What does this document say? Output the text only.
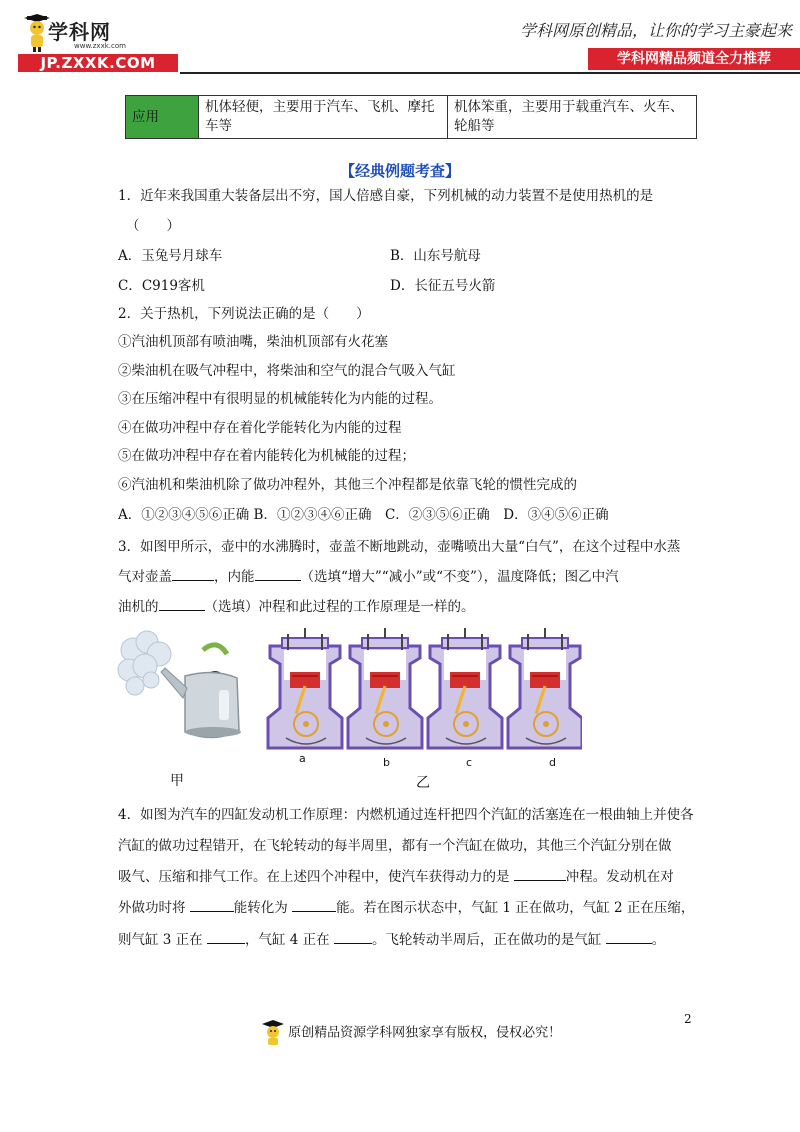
学科网
www.zxxk.com
JP.ZXXK.COM
学科网原创精品，让你的学习主豪起来
学科网精品频道全力推荐
应用	机体轻便，主要用于汽车、飞机、摩托车等	机体笨重，主要用于载重汽车、火车、轮船等
【经典例题考查】
1．近年来我国重大装备层出不穷，国人倍感自豪，下列机械的动力装置不是使用热机的是
（　　）
A．玉兔号月球车	B．山东号航母
C．C919客机	D．长征五号火箭
2．关于热机，下列说法正确的是（　　）
①汽油机顶部有喷油嘴，柴油机顶部有火花塞
②柴油机在吸气冲程中，将柴油和空气的混合气吸入气缸
③在压缩冲程中有很明显的机械能转化为内能的过程。
④在做功冲程中存在着化学能转化为内能的过程
⑤在做功冲程中存在着内能转化为机械能的过程；
⑥汽油机和柴油机除了做功冲程外，其他三个冲程都是依靠飞轮的惯性完成的
A．①②③④⑤⑥正确 B．①②③④⑥正确　C．②③⑤⑥正确　D．③④⑤⑥正确
3．如图甲所示，壶中的水沸腾时，壶盖不断地跳动，壶嘴喷出大量“白气”，在这个过程中水蒸
气对壶盖	，内能	（选填“增大”“减小”或“不变”），温度降低；图乙中汽
油机的	（选填）冲程和此过程的工作原理是一样的。
甲
a	b	c	d
乙
4．如图为汽车的四缸发动机工作原理：内燃机通过连杆把四个汽缸的活塞连在一根曲轴上并使各
汽缸的做功过程错开，在飞轮转动的每半周里，都有一个汽缸在做功，其他三个汽缸分别在做
吸气、压缩和排气工作。在上述四个冲程中，使汽车获得动力的是	冲程。发动机在对
外做功时将	能转化为	能。若在图示状态中，气缸 1 正在做功，气缸 2 正在压缩，
则气缸 3 正在	，气缸 4 正在	。飞轮转动半周后，正在做功的是气缸	。
2
原创精品资源学科网独家享有版权，侵权必究！
